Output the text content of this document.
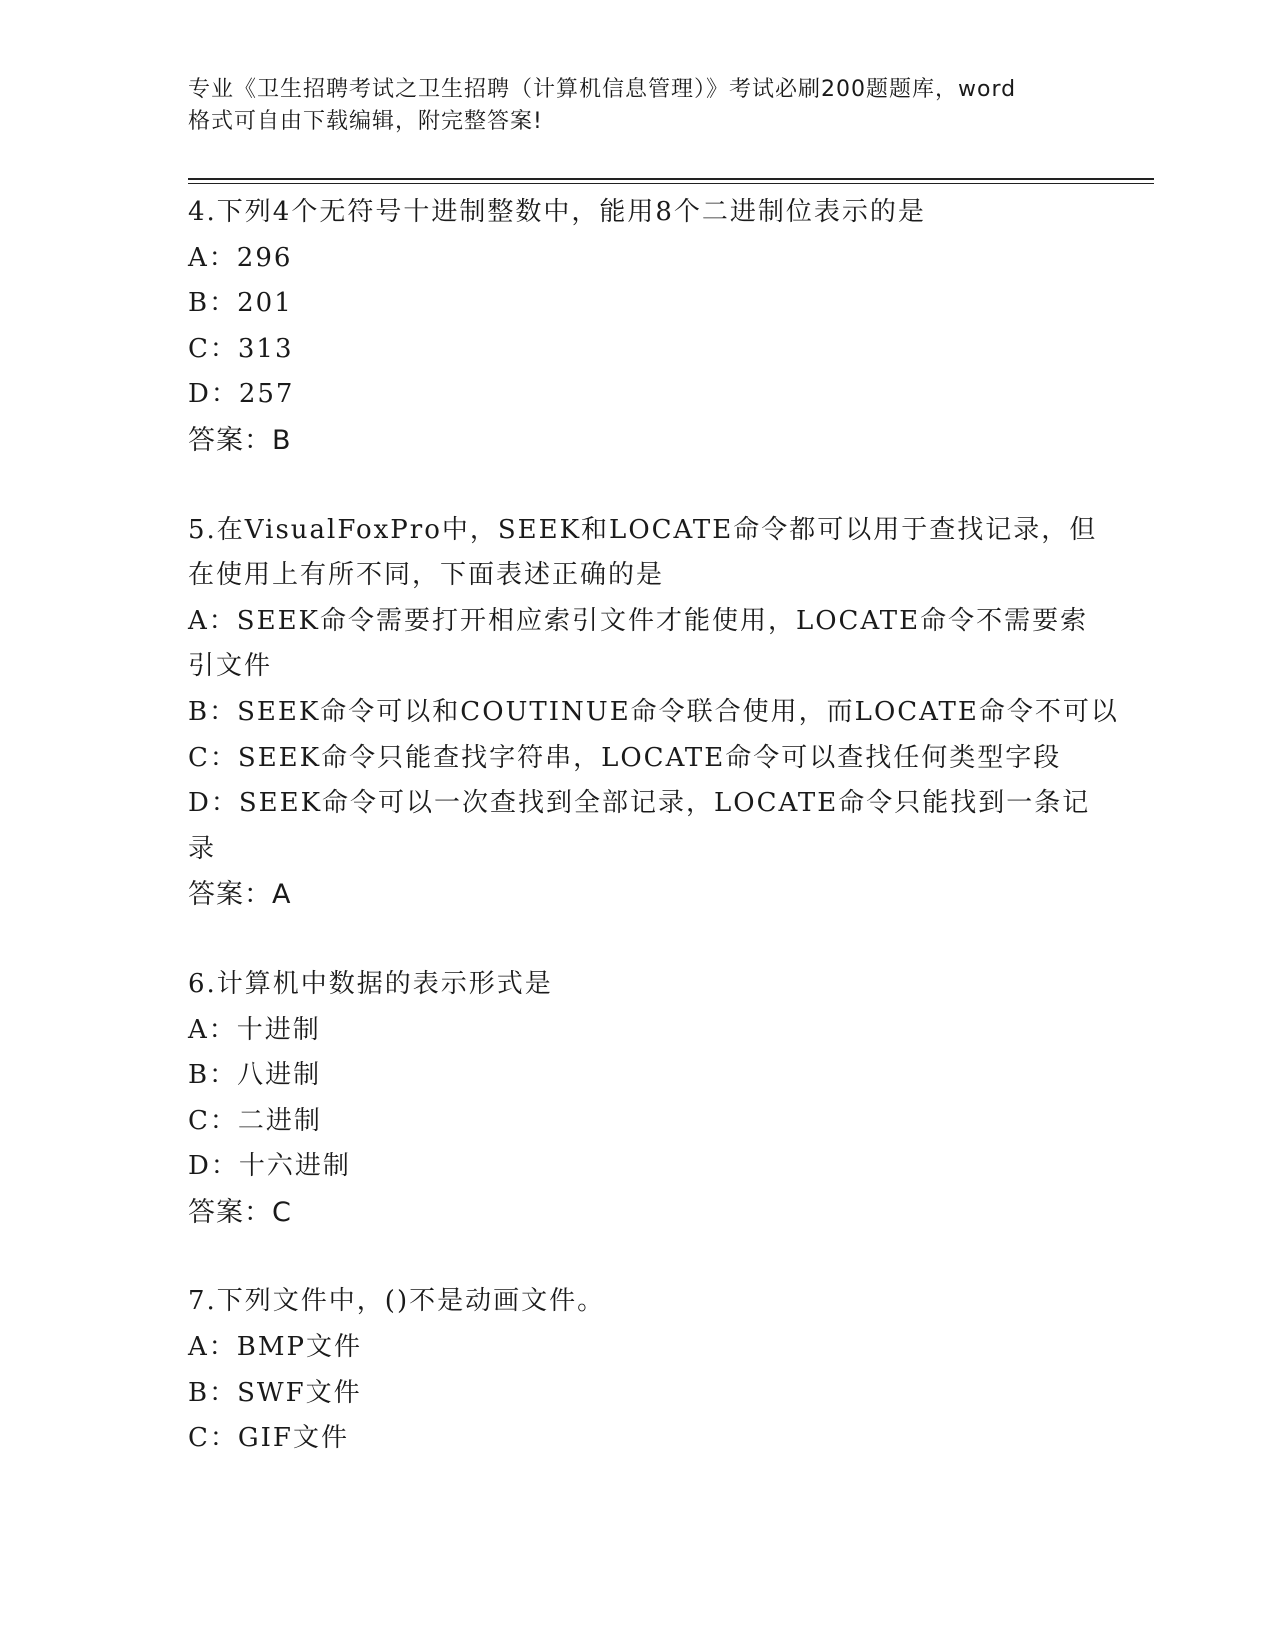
专业《卫生招聘考试之卫生招聘（计算机信息管理）》考试必刷200题题库，word
格式可自由下载编辑，附完整答案!
4.下列4个无符号十进制整数中，能用8个二进制位表示的是
A：296
B：201
C：313
D：257
答案：B
5.在VisualFoxPro中，SEEK和LOCATE命令都可以用于查找记录，但
在使用上有所不同，下面表述正确的是
A：SEEK命令需要打开相应索引文件才能使用，LOCATE命令不需要索
引文件
B：SEEK命令可以和COUTINUE命令联合使用，而LOCATE命令不可以
C：SEEK命令只能查找字符串，LOCATE命令可以查找任何类型字段
D：SEEK命令可以一次查找到全部记录，LOCATE命令只能找到一条记
录
答案：A
6.计算机中数据的表示形式是
A：十进制
B：八进制
C：二进制
D：十六进制
答案：C
7.下列文件中，()不是动画文件。
A：BMP文件
B：SWF文件
C：GIF文件
